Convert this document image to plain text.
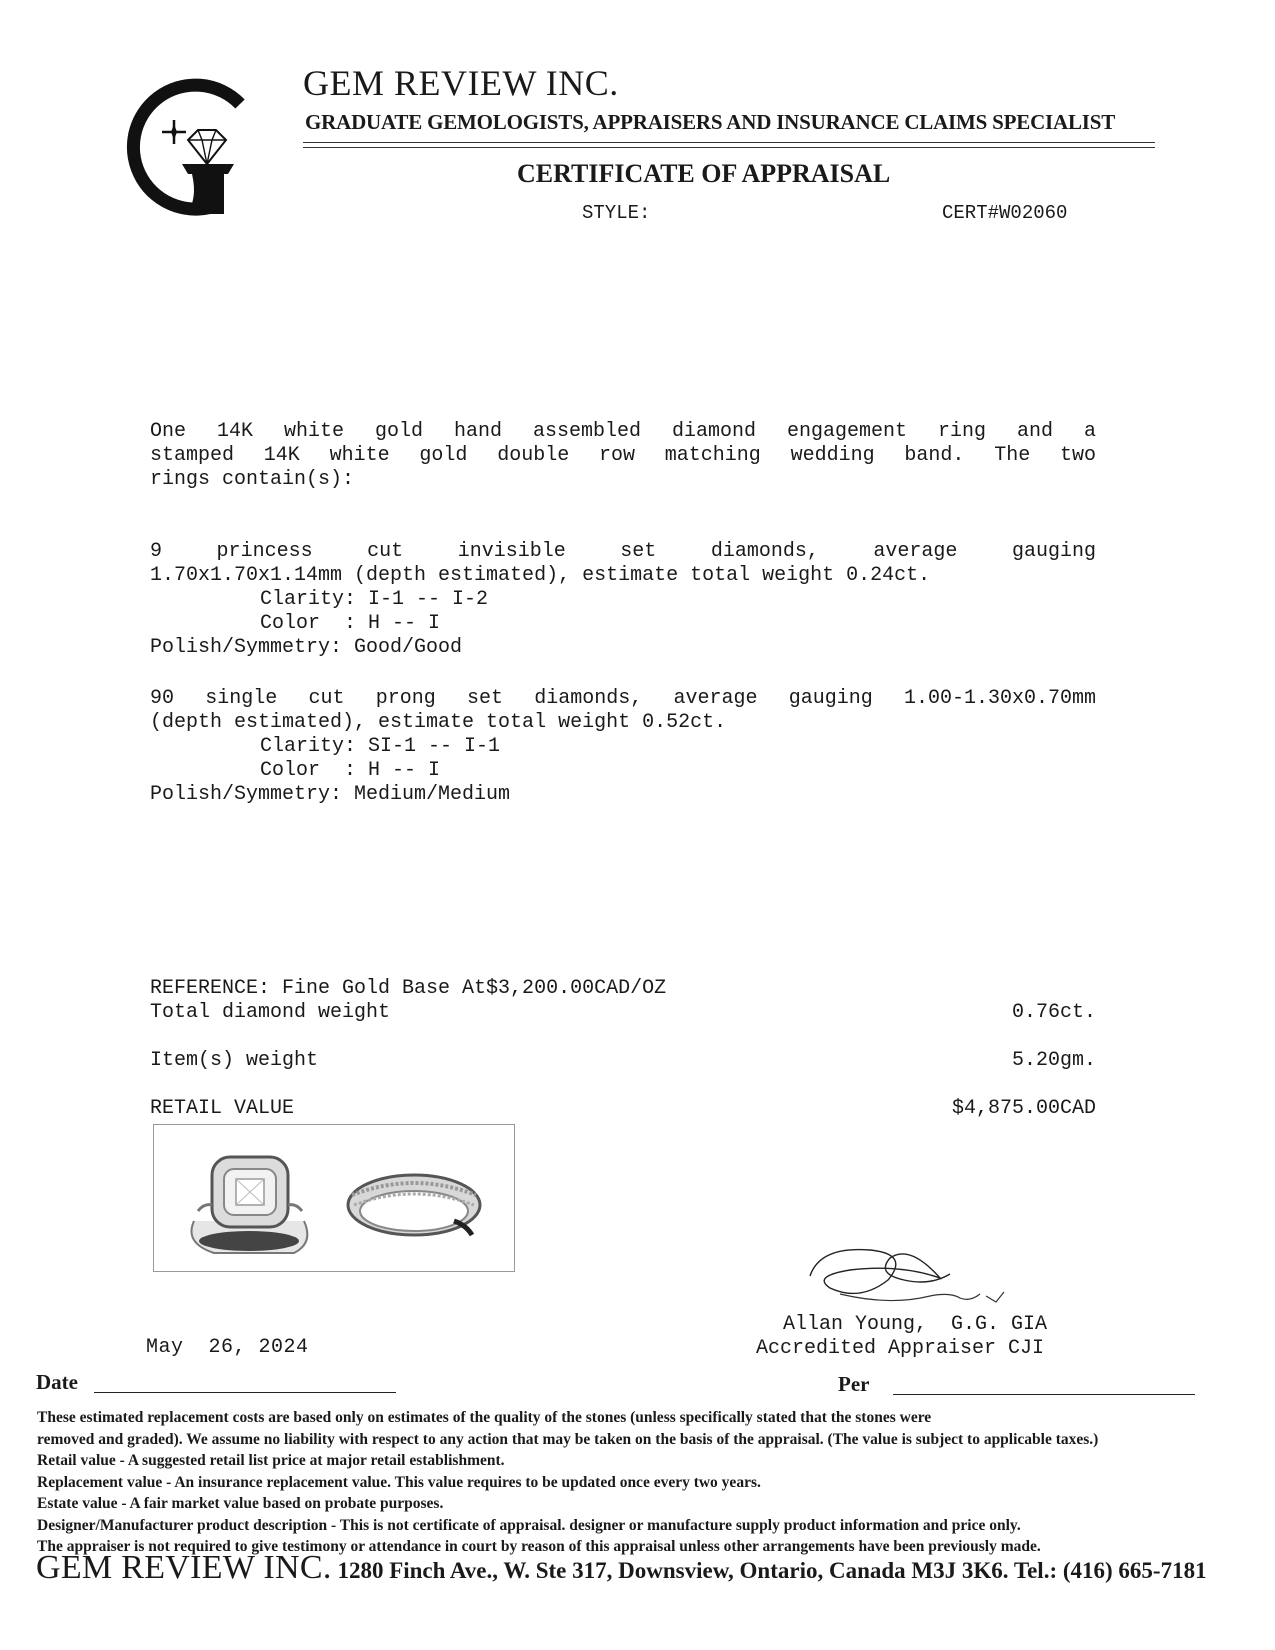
GEM REVIEW INC.
GRADUATE GEMOLOGISTS, APPRAISERS AND INSURANCE CLAIMS SPECIALIST
CERTIFICATE OF APPRAISAL
STYLE:	CERT#W02060
One 14K white gold hand assembled diamond engagement ring and a
stamped 14K white gold double row matching wedding band. The two
rings contain(s):
9 princess cut invisible set diamonds, average gauging
1.70x1.70x1.14mm (depth estimated), estimate total weight 0.24ct.
Clarity: I-1 -- I-2
Color  : H -- I
Polish/Symmetry: Good/Good
90 single cut prong set diamonds, average gauging 1.00-1.30x0.70mm
(depth estimated), estimate total weight 0.52ct.
Clarity: SI-1 -- I-1
Color  : H -- I
Polish/Symmetry: Medium/Medium
REFERENCE: Fine Gold Base At$3,200.00CAD/OZ
Total diamond weight	0.76ct.
Item(s) weight	5.20gm.
RETAIL VALUE	$4,875.00CAD
Allan Young,  G.G. GIA
Accredited Appraiser CJI
May  26, 2024
Date	Per
These estimated replacement costs are based only on estimates of the quality of the stones (unless specifically stated that the stones were
removed and graded). We assume no liability with respect to any action that may be taken on the basis of the appraisal. (The value is subject to applicable taxes.)
Retail value - A suggested retail list price at major retail establishment.
Replacement value - An insurance replacement value. This value requires to be updated once every two years.
Estate value - A fair market value based on probate purposes.
Designer/Manufacturer product description - This is not certificate of appraisal. designer or manufacture supply product information and price only.
The appraiser is not required to give testimony or attendance in court by reason of this appraisal unless other arrangements have been previously made.
GEM REVIEW INC. 1280 Finch Ave., W. Ste 317, Downsview, Ontario, Canada M3J 3K6. Tel.: (416) 665-7181
